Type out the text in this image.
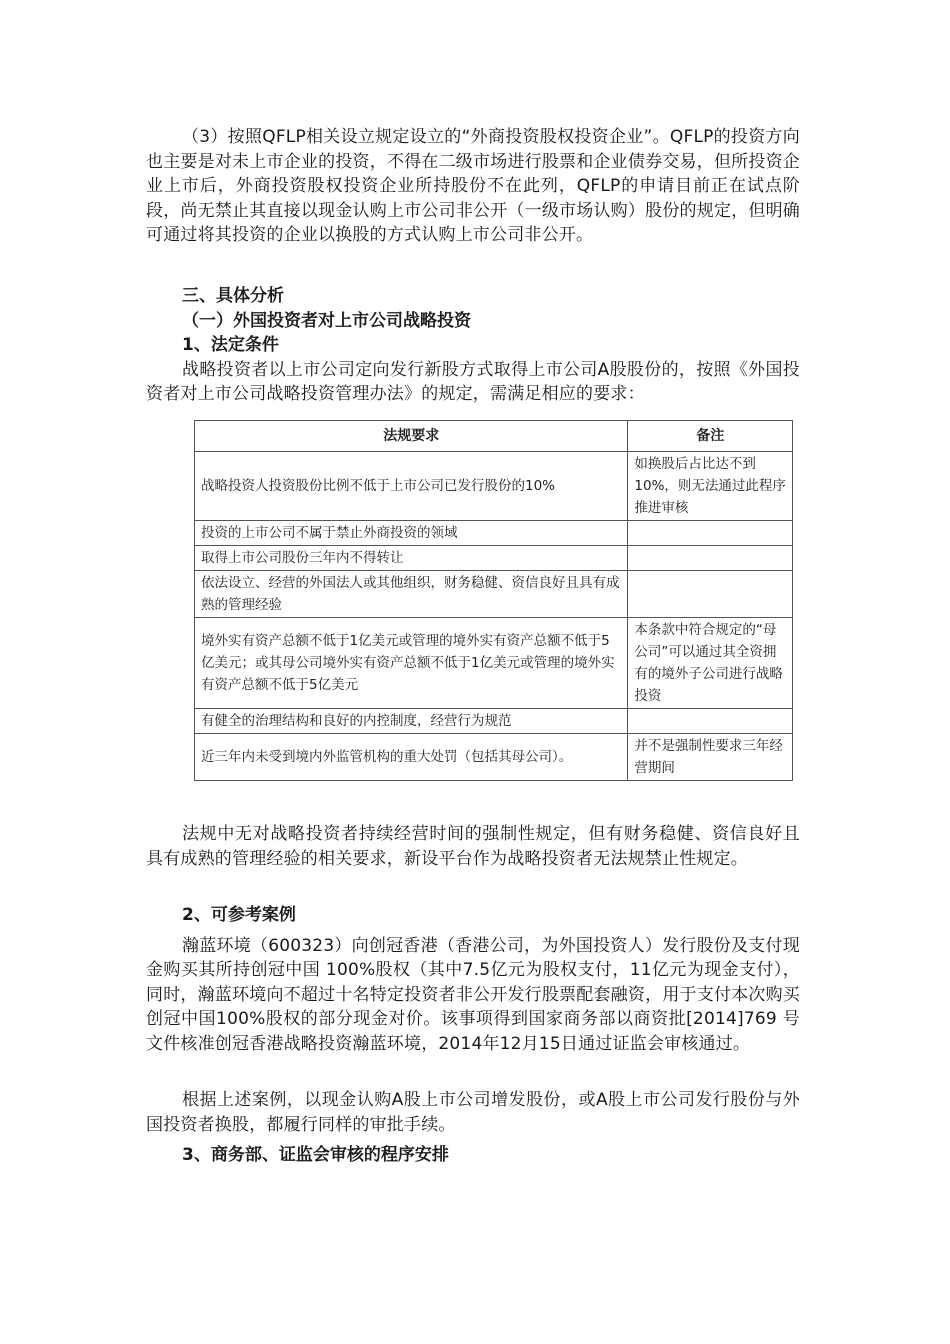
（3）按照QFLP相关设立规定设立的“外商投资股权投资企业”。QFLP的投资方向也主要是对未上市企业的投资，不得在二级市场进行股票和企业债券交易，但所投资企业上市后，外商投资股权投资企业所持股份不在此列，QFLP的申请目前正在试点阶段，尚无禁止其直接以现金认购上市公司非公开（一级市场认购）股份的规定，但明确可通过将其投资的企业以换股的方式认购上市公司非公开。

三、具体分析
（一）外国投资者对上市公司战略投资
1、法定条件

战略投资者以上市公司定向发行新股方式取得上市公司A股股份的，按照《外国投资者对上市公司战略投资管理办法》的规定，需满足相应的要求：

法规要求	备注
战略投资人投资股份比例不低于上市公司已发行股份的10%	如换股后占比达不到10%，则无法通过此程序推进审核
投资的上市公司不属于禁止外商投资的领域	
取得上市公司股份三年内不得转让	
依法设立、经营的外国法人或其他组织，财务稳健、资信良好且具有成熟的管理经验	
境外实有资产总额不低于1亿美元或管理的境外实有资产总额不低于5亿美元；或其母公司境外实有资产总额不低于1亿美元或管理的境外实有资产总额不低于5亿美元	本条款中符合规定的“母公司”可以通过其全资拥有的境外子公司进行战略投资
有健全的治理结构和良好的内控制度，经营行为规范	
近三年内未受到境内外监管机构的重大处罚（包括其母公司）。	并不是强制性要求三年经营期间

法规中无对战略投资者持续经营时间的强制性规定，但有财务稳健、资信良好且具有成熟的管理经验的相关要求，新设平台作为战略投资者无法规禁止性规定。

2、可参考案例

瀚蓝环境（600323）向创冠香港（香港公司，为外国投资人）发行股份及支付现金购买其所持创冠中国 100%股权（其中7.5亿元为股权支付，11亿元为现金支付），同时，瀚蓝环境向不超过十名特定投资者非公开发行股票配套融资，用于支付本次购买创冠中国100%股权的部分现金对价。该事项得到国家商务部以商资批[2014]769 号文件核准创冠香港战略投资瀚蓝环境，2014年12月15日通过证监会审核通过。

根据上述案例，以现金认购A股上市公司增发股份，或A股上市公司发行股份与外国投资者换股，都履行同样的审批手续。

3、商务部、证监会审核的程序安排
